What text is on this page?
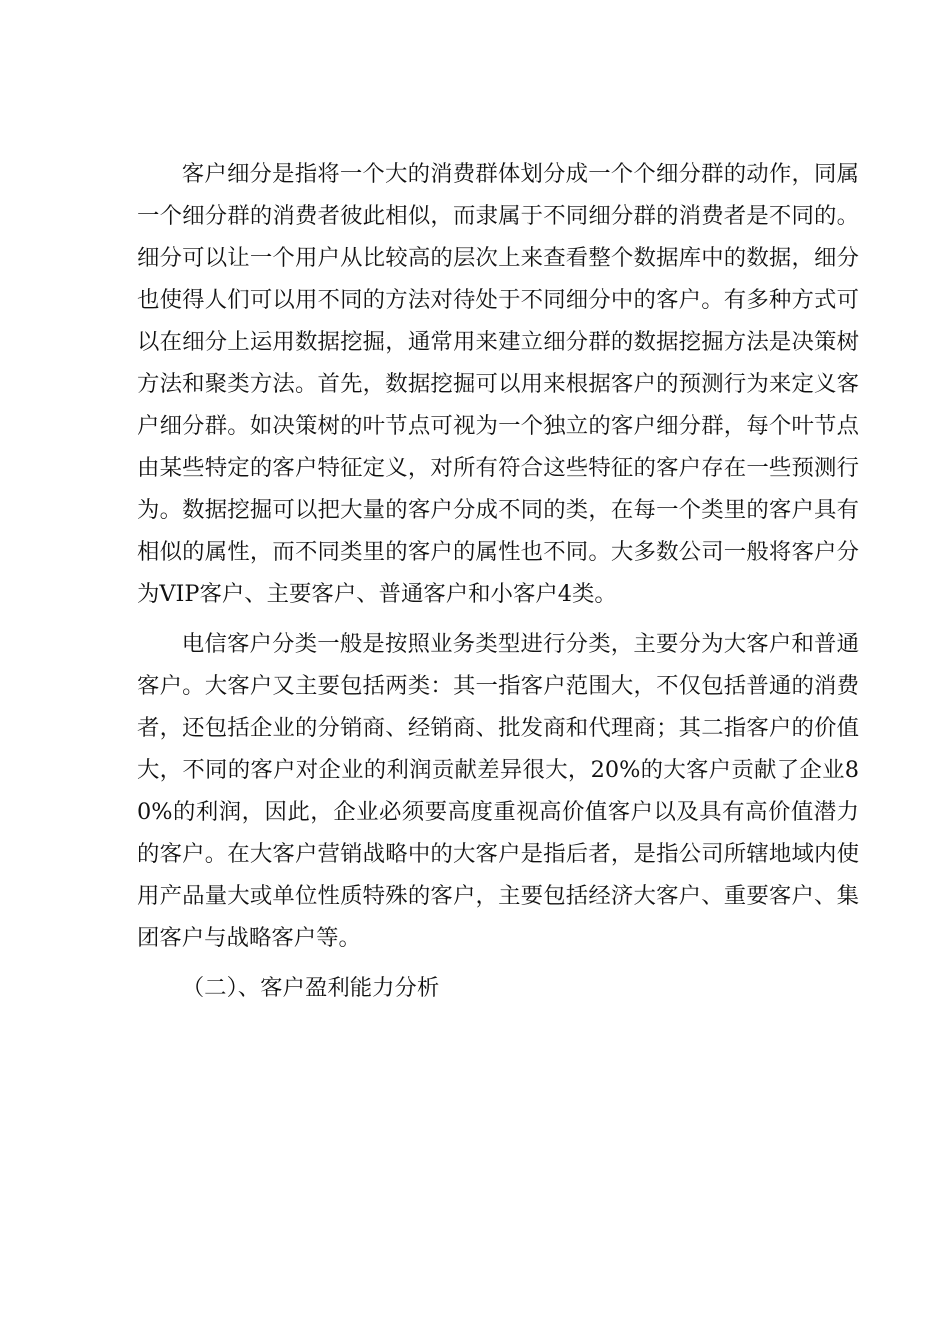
客户细分是指将一个大的消费群体划分成一个个细分群的动作，同属一个细分群的消费者彼此相似，而隶属于不同细分群的消费者是不同的。细分可以让一个用户从比较高的层次上来查看整个数据库中的数据，细分也使得人们可以用不同的方法对待处于不同细分中的客户。有多种方式可以在细分上运用数据挖掘，通常用来建立细分群的数据挖掘方法是决策树方法和聚类方法。首先，数据挖掘可以用来根据客户的预测行为来定义客户细分群。如决策树的叶节点可视为一个独立的客户细分群，每个叶节点由某些特定的客户特征定义，对所有符合这些特征的客户存在一些预测行为。数据挖掘可以把大量的客户分成不同的类，在每一个类里的客户具有相似的属性，而不同类里的客户的属性也不同。大多数公司一般将客户分为VIP客户、主要客户、普通客户和小客户4类。

电信客户分类一般是按照业务类型进行分类，主要分为大客户和普通客户。大客户又主要包括两类：其一指客户范围大，不仅包括普通的消费者，还包括企业的分销商、经销商、批发商和代理商；其二指客户的价值大，不同的客户对企业的利润贡献差异很大，20%的大客户贡献了企业80%的利润，因此，企业必须要高度重视高价值客户以及具有高价值潜力的客户。在大客户营销战略中的大客户是指后者，是指公司所辖地域内使用产品量大或单位性质特殊的客户，主要包括经济大客户、重要客户、集团客户与战略客户等。

（二）、客户盈利能力分析
